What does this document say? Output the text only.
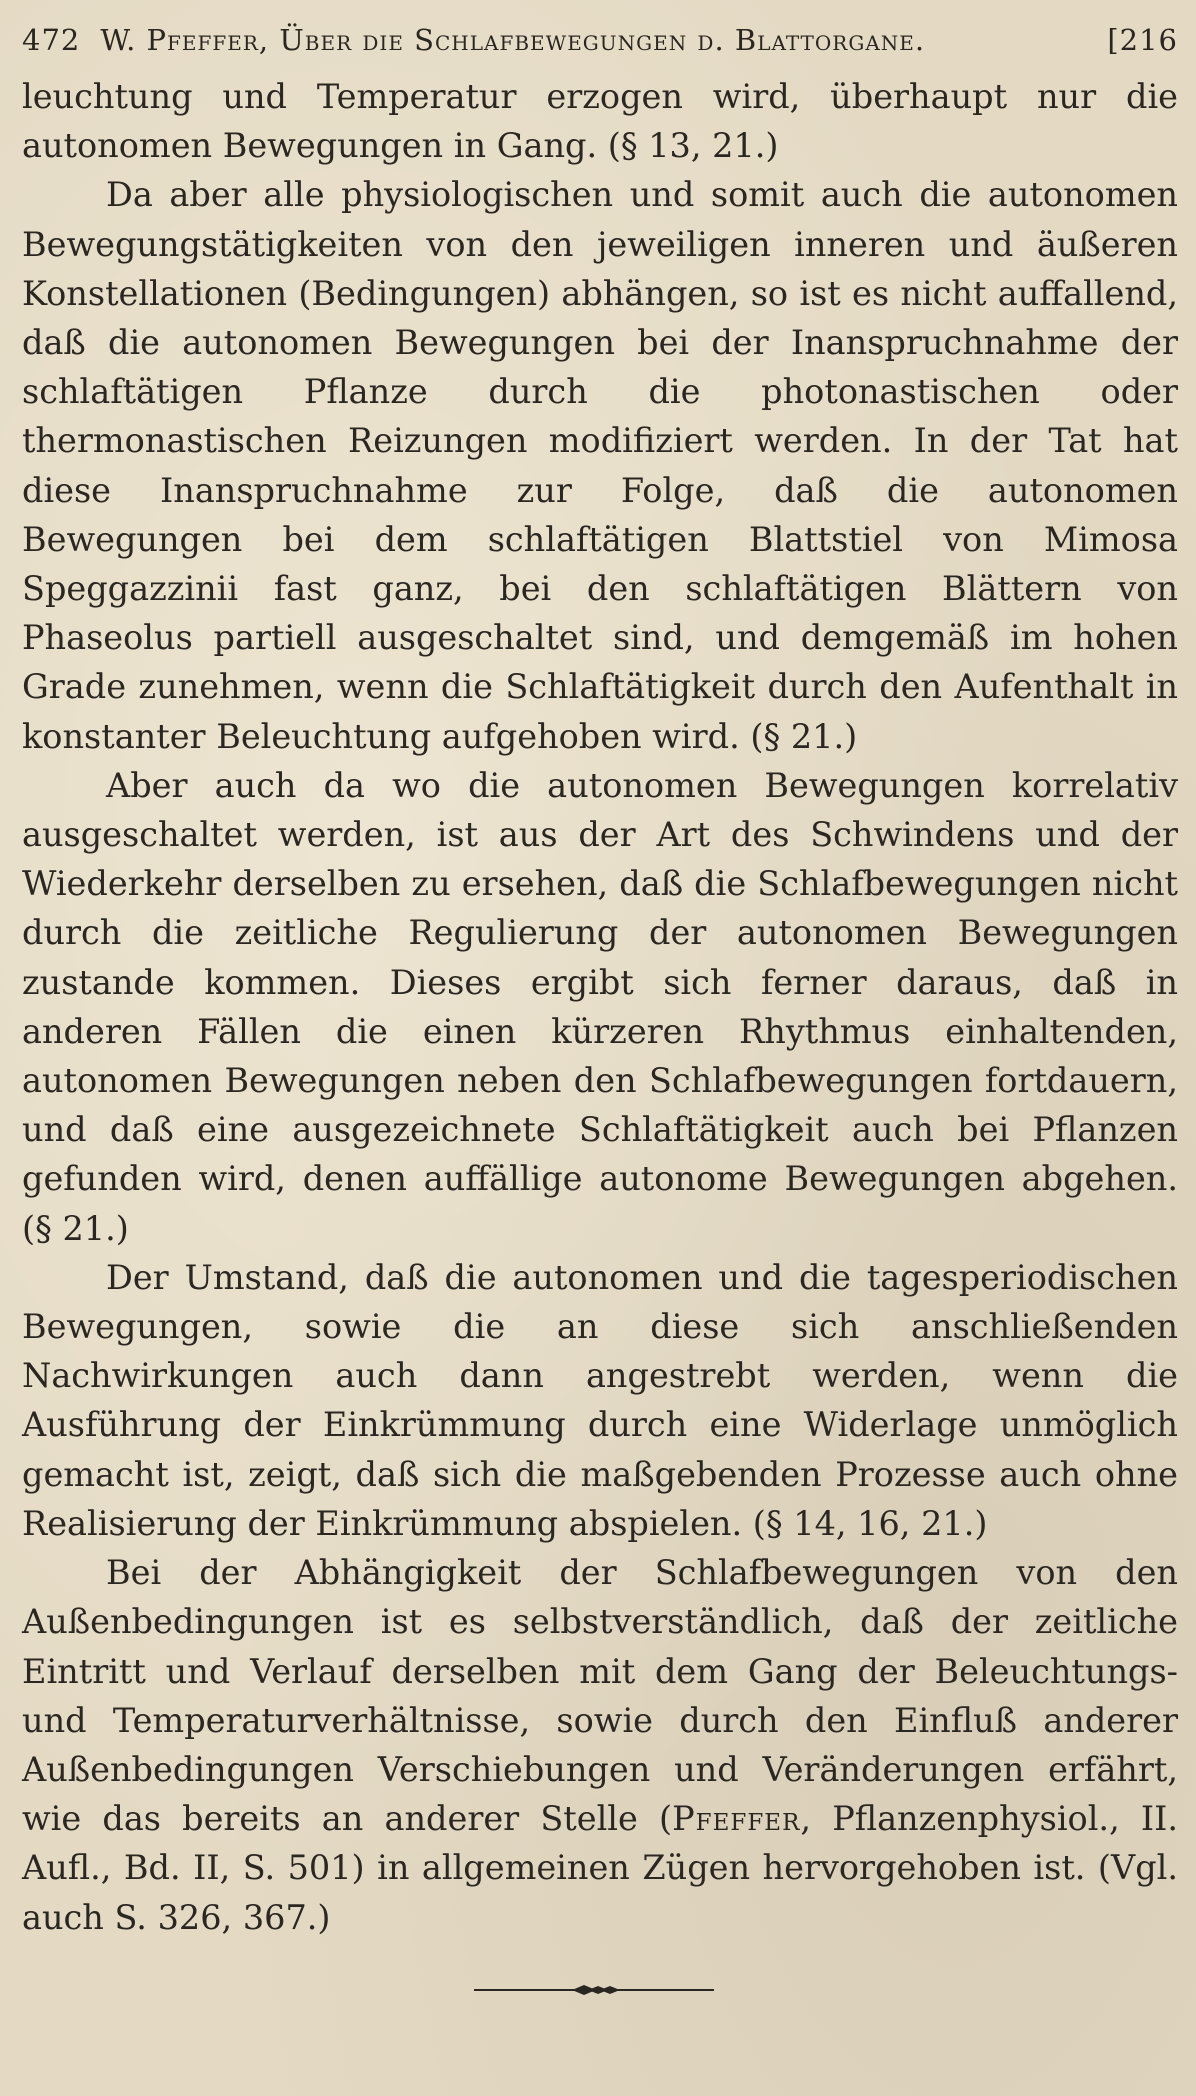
472 W. Pfeffer, Über die Schlafbewegungen d. Blattorgane.	[216

leuchtung und Temperatur erzogen wird, überhaupt nur die autonomen Bewegungen in Gang. (§ 13, 21.)

Da aber alle physiologischen und somit auch die autonomen Bewegungstätigkeiten von den jeweiligen inneren und äußeren Konstellationen (Bedingungen) abhängen, so ist es nicht auffallend, daß die autonomen Bewegungen bei der Inanspruchnahme der schlaftätigen Pflanze durch die photonastischen oder thermonastischen Reizungen modifiziert werden. In der Tat hat diese Inanspruchnahme zur Folge, daß die autonomen Bewegungen bei dem schlaftätigen Blattstiel von Mimosa Speggazzinii fast ganz, bei den schlaftätigen Blättern von Phaseolus partiell ausgeschaltet sind, und demgemäß im hohen Grade zunehmen, wenn die Schlaftätigkeit durch den Aufenthalt in konstanter Beleuchtung aufgehoben wird. (§ 21.)

Aber auch da wo die autonomen Bewegungen korrelativ ausgeschaltet werden, ist aus der Art des Schwindens und der Wiederkehr derselben zu ersehen, daß die Schlafbewegungen nicht durch die zeitliche Regulierung der autonomen Bewegungen zustande kommen. Dieses ergibt sich ferner daraus, daß in anderen Fällen die einen kürzeren Rhythmus einhaltenden, autonomen Bewegungen neben den Schlafbewegungen fortdauern, und daß eine ausgezeichnete Schlaftätigkeit auch bei Pflanzen gefunden wird, denen auffällige autonome Bewegungen abgehen. (§ 21.)

Der Umstand, daß die autonomen und die tagesperiodischen Bewegungen, sowie die an diese sich anschließenden Nachwirkungen auch dann angestrebt werden, wenn die Ausführung der Einkrümmung durch eine Widerlage unmöglich gemacht ist, zeigt, daß sich die maßgebenden Prozesse auch ohne Realisierung der Einkrümmung abspielen. (§ 14, 16, 21.)

Bei der Abhängigkeit der Schlafbewegungen von den Außenbedingungen ist es selbstverständlich, daß der zeitliche Eintritt und Verlauf derselben mit dem Gang der Beleuchtungs- und Temperaturverhältnisse, sowie durch den Einfluß anderer Außenbedingungen Verschiebungen und Veränderungen erfährt, wie das bereits an anderer Stelle (Pfeffer, Pflanzenphysiol., II. Aufl., Bd. II, S. 501) in allgemeinen Zügen hervorgehoben ist. (Vgl. auch S. 326, 367.)
